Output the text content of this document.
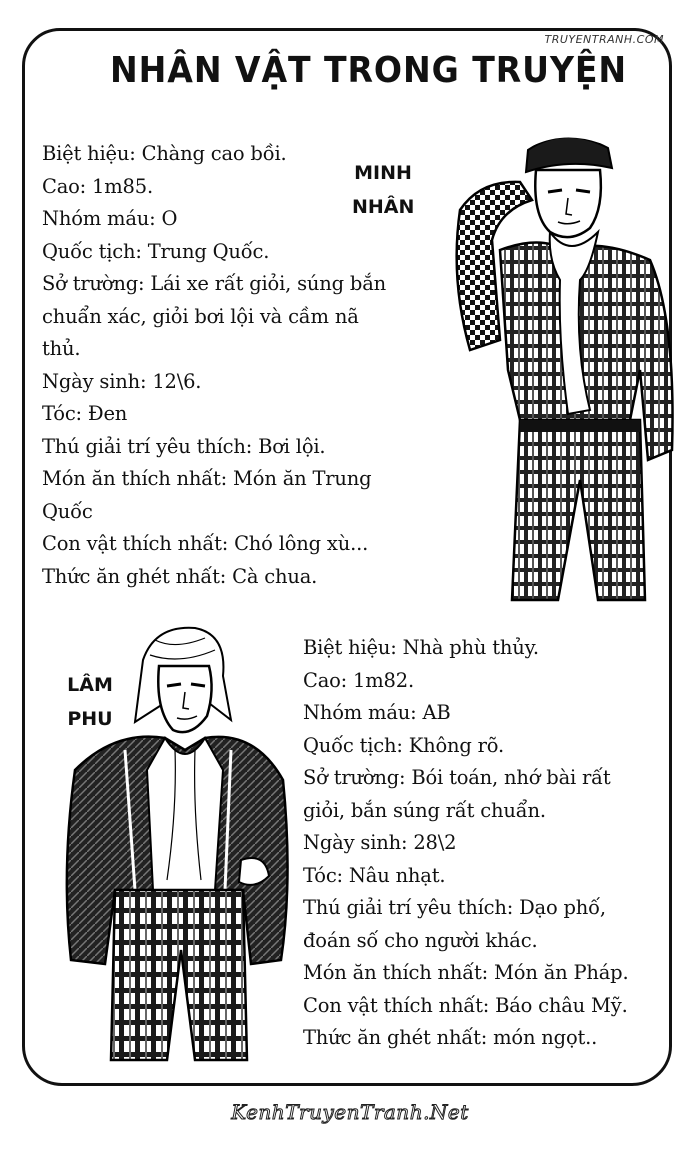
TRUYENTRANH.COM
NHÂN VẬT TRONG TRUYỆN
Biệt hiệu: Chàng cao bồi.
Cao: 1m85.
Nhóm máu: O
Quốc tịch: Trung Quốc.
Sở trường: Lái xe rất giỏi, súng bắn
chuẩn xác, giỏi bơi lội và cầm nã
thủ.
Ngày sinh: 12\6.
Tóc: Đen
Thú giải trí yêu thích: Bơi lội.
Món ăn thích nhất: Món ăn Trung
Quốc
Con vật thích nhất: Chó lông xù...
Thức ăn ghét nhất: Cà chua.
MINH
NHÂN
Biệt hiệu: Nhà phù thủy.
Cao: 1m82.
Nhóm máu: AB
Quốc tịch: Không rõ.
Sở trường: Bói toán, nhớ bài rất
giỏi, bắn súng rất chuẩn.
Ngày sinh: 28\2
Tóc: Nâu nhạt.
Thú giải trí yêu thích: Dạo phố,
đoán số cho người khác.
Món ăn thích nhất: Món ăn Pháp.
Con vật thích nhất: Báo châu Mỹ.
Thức ăn ghét nhất: món ngọt..
LÂM
PHU
KenhTruyenTranh.Net
